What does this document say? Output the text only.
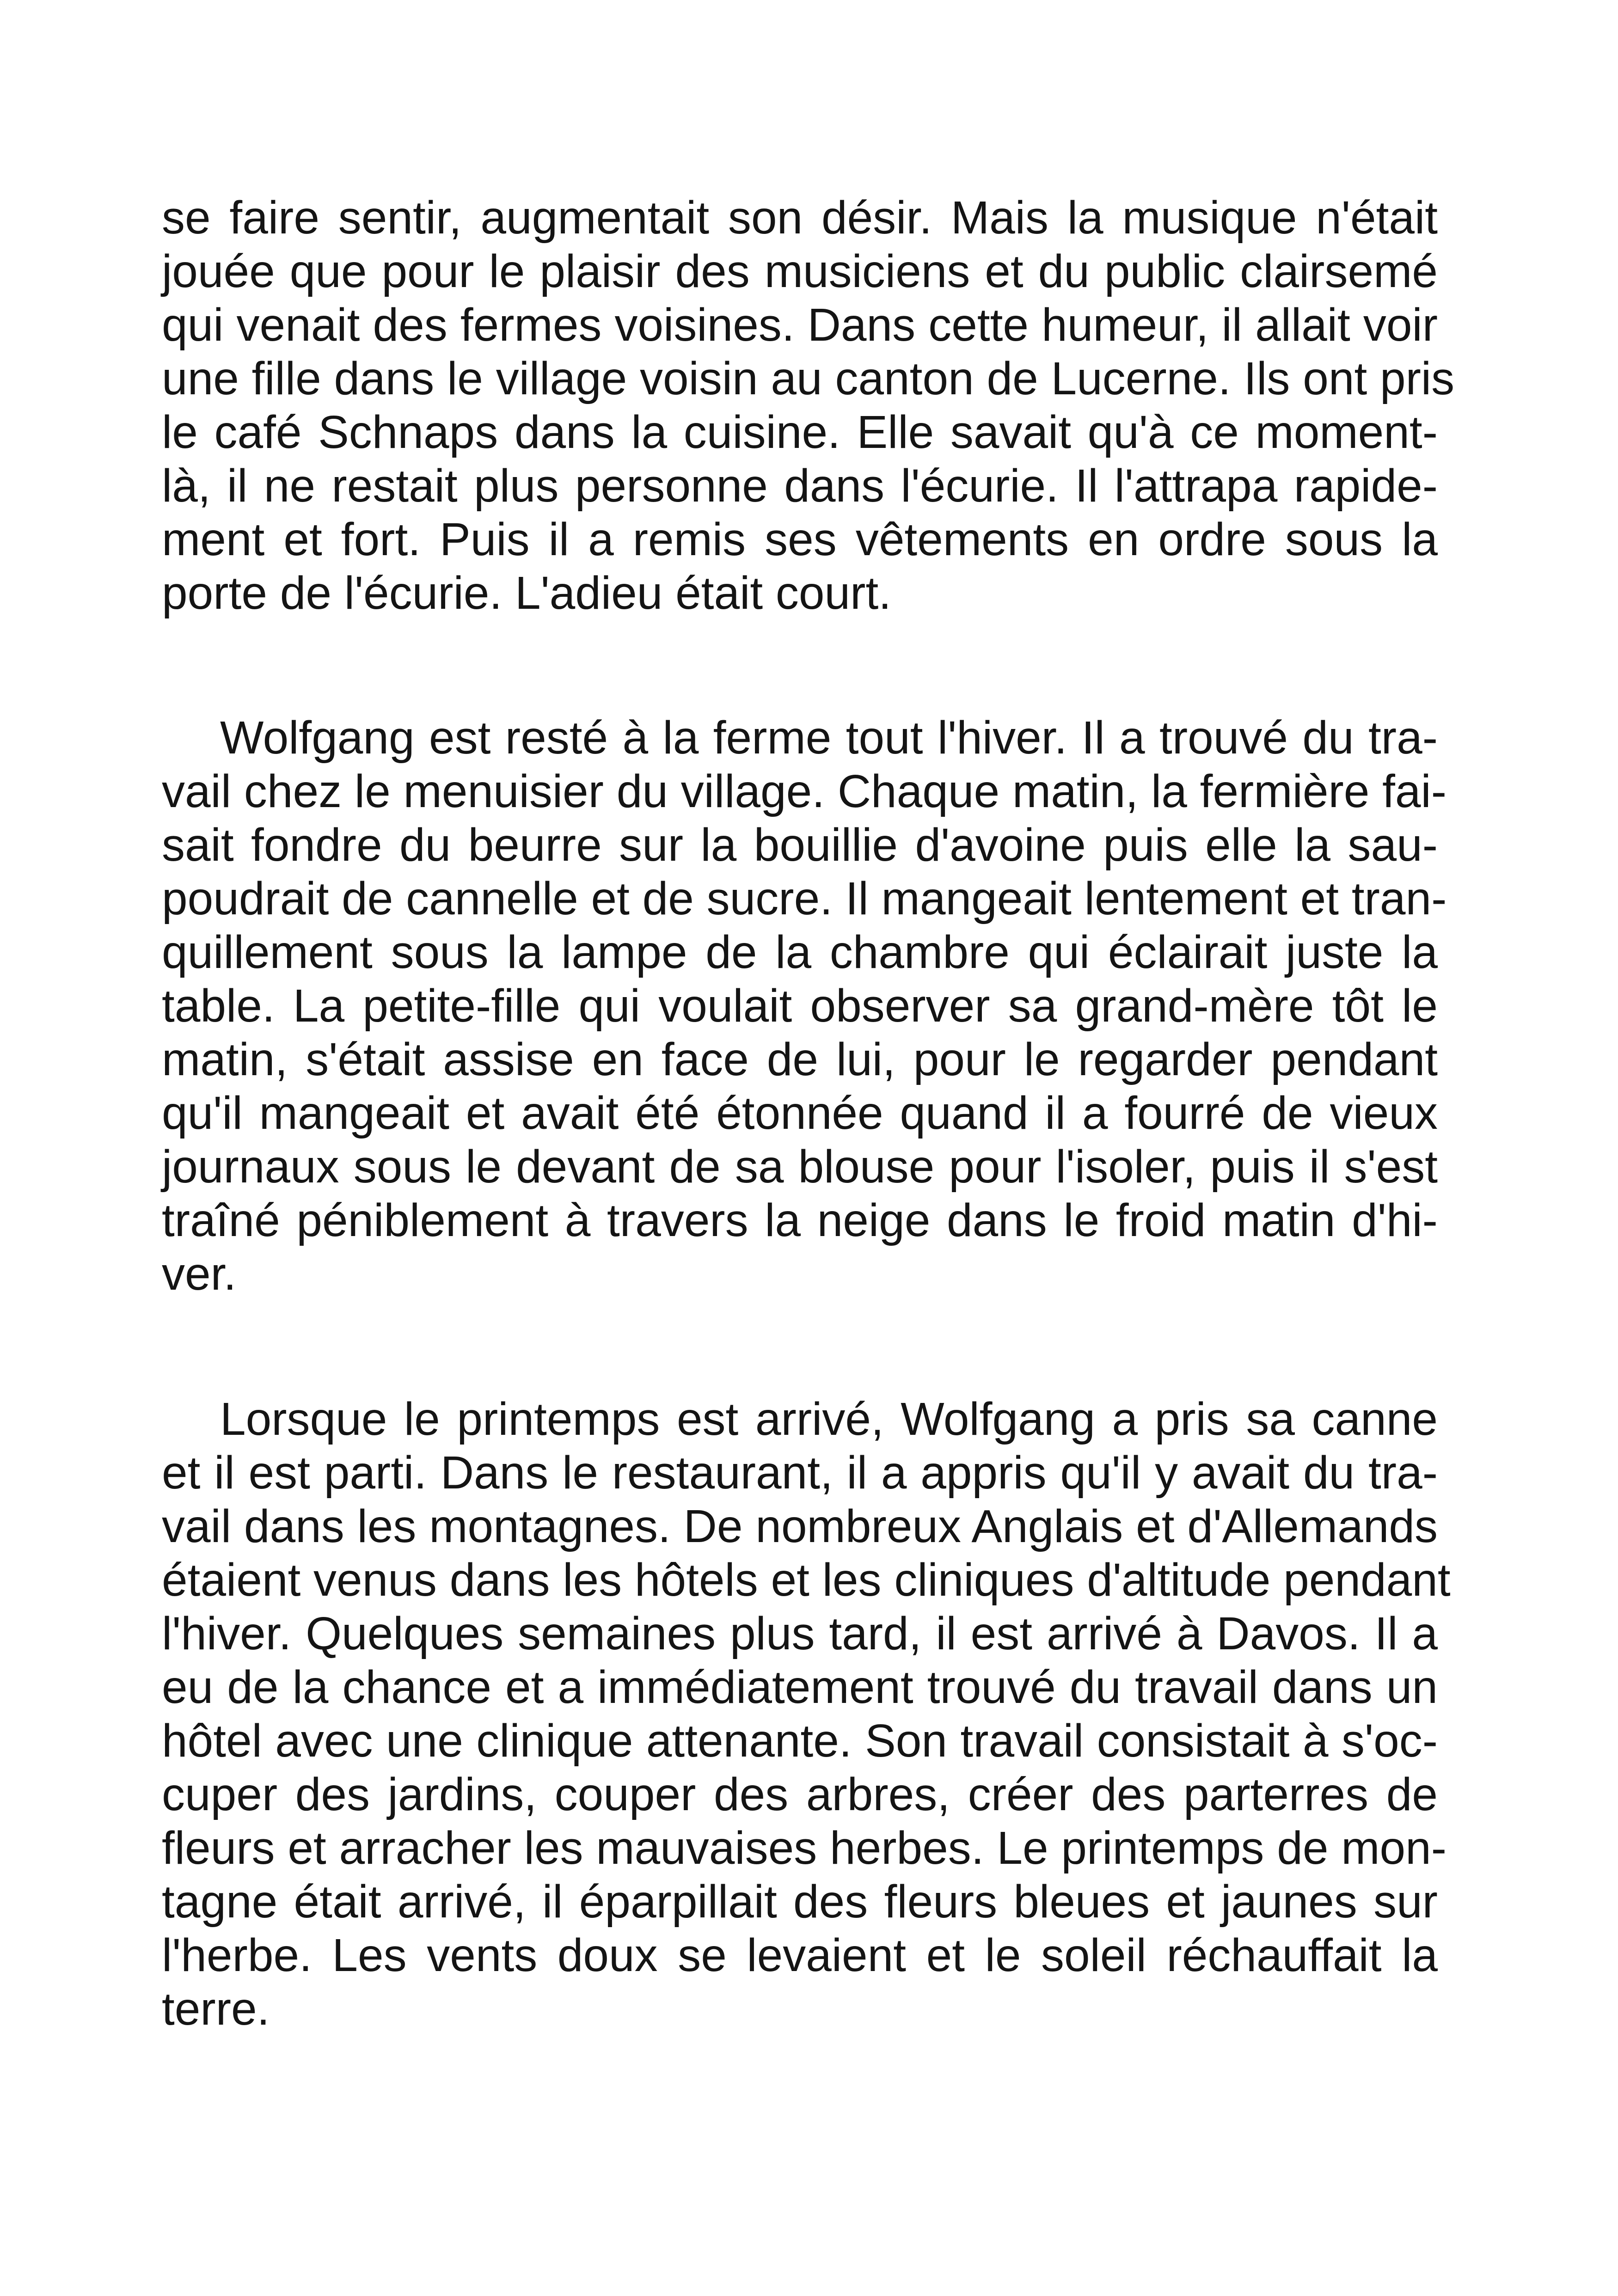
se faire sentir, augmentait son désir. Mais la musique n'était
jouée que pour le plaisir des musiciens et du public clairsemé
qui venait des fermes voisines. Dans cette humeur, il allait voir
une fille dans le village voisin au canton de Lucerne. Ils ont pris
le café Schnaps dans la cuisine. Elle savait qu'à ce moment-
là, il ne restait plus personne dans l'écurie. Il l'attrapa rapide-
ment et fort. Puis il a remis ses vêtements en ordre sous la
porte de l'écurie. L'adieu était court.
Wolfgang est resté à la ferme tout l'hiver. Il a trouvé du tra-
vail chez le menuisier du village. Chaque matin, la fermière fai-
sait fondre du beurre sur la bouillie d'avoine puis elle la sau-
poudrait de cannelle et de sucre. Il mangeait lentement et tran-
quillement sous la lampe de la chambre qui éclairait juste la
table. La petite-fille qui voulait observer sa grand-mère tôt le
matin, s'était assise en face de lui, pour le regarder pendant
qu'il mangeait et avait été étonnée quand il a fourré de vieux
journaux sous le devant de sa blouse pour l'isoler, puis il s'est
traîné péniblement à travers la neige dans le froid matin d'hi-
ver.
Lorsque le printemps est arrivé, Wolfgang a pris sa canne
et il est parti. Dans le restaurant, il a appris qu'il y avait du tra-
vail dans les montagnes. De nombreux Anglais et d'Allemands
étaient venus dans les hôtels et les cliniques d'altitude pendant
l'hiver. Quelques semaines plus tard, il est arrivé à Davos. Il a
eu de la chance et a immédiatement trouvé du travail dans un
hôtel avec une clinique attenante. Son travail consistait à s'oc-
cuper des jardins, couper des arbres, créer des parterres de
fleurs et arracher les mauvaises herbes. Le printemps de mon-
tagne était arrivé, il éparpillait des fleurs bleues et jaunes sur
l'herbe. Les vents doux se levaient et le soleil réchauffait la
terre.
